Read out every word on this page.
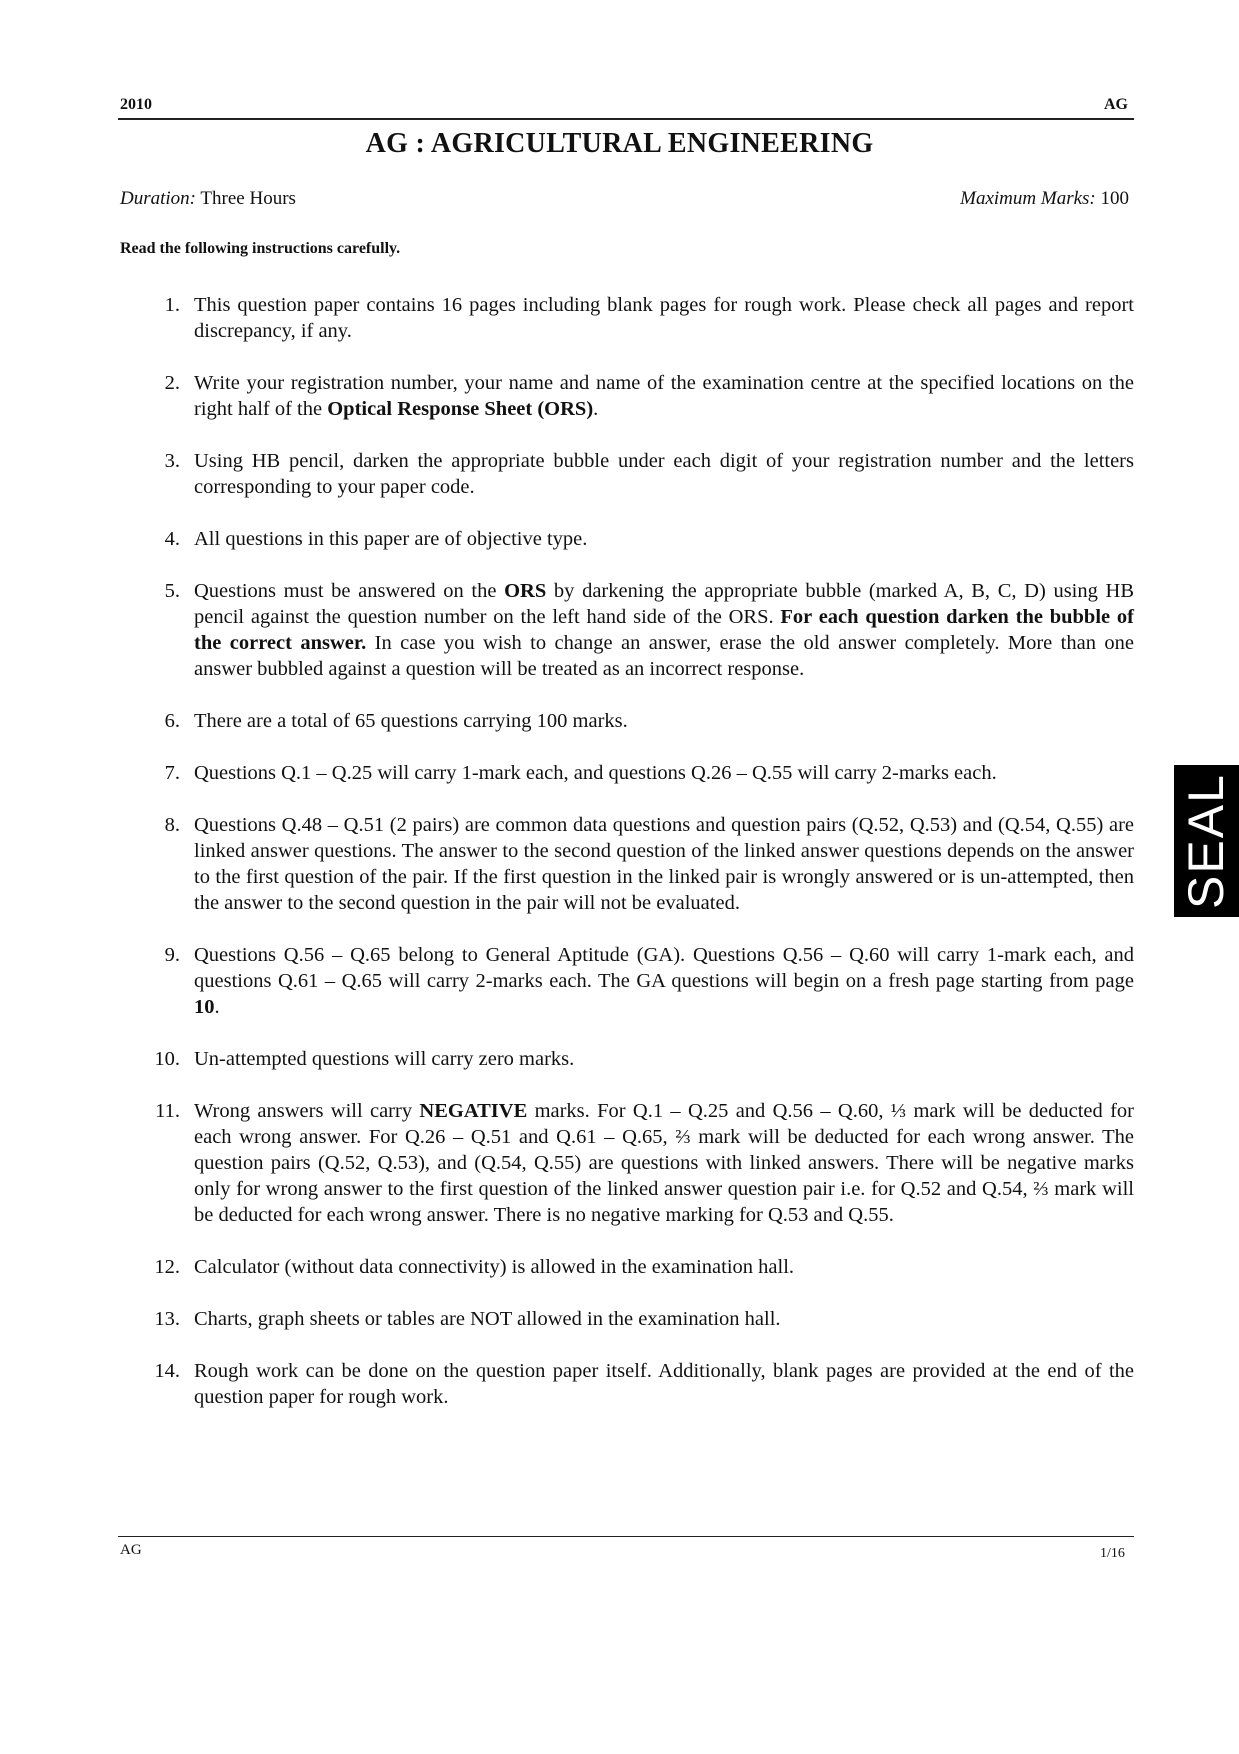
2010	AG
AG : AGRICULTURAL ENGINEERING
Duration: Three Hours	Maximum Marks: 100
Read the following instructions carefully.
1. This question paper contains 16 pages including blank pages for rough work. Please check all pages and report discrepancy, if any.
2. Write your registration number, your name and name of the examination centre at the specified locations on the right half of the Optical Response Sheet (ORS).
3. Using HB pencil, darken the appropriate bubble under each digit of your registration number and the letters corresponding to your paper code.
4. All questions in this paper are of objective type.
5. Questions must be answered on the ORS by darkening the appropriate bubble (marked A, B, C, D) using HB pencil against the question number on the left hand side of the ORS. For each question darken the bubble of the correct answer. In case you wish to change an answer, erase the old answer completely. More than one answer bubbled against a question will be treated as an incorrect response.
6. There are a total of 65 questions carrying 100 marks.
7. Questions Q.1 – Q.25 will carry 1-mark each, and questions Q.26 – Q.55 will carry 2-marks each.
8. Questions Q.48 – Q.51 (2 pairs) are common data questions and question pairs (Q.52, Q.53) and (Q.54, Q.55) are linked answer questions. The answer to the second question of the linked answer questions depends on the answer to the first question of the pair. If the first question in the linked pair is wrongly answered or is un-attempted, then the answer to the second question in the pair will not be evaluated.
9. Questions Q.56 – Q.65 belong to General Aptitude (GA). Questions Q.56 – Q.60 will carry 1-mark each, and questions Q.61 – Q.65 will carry 2-marks each. The GA questions will begin on a fresh page starting from page 10.
10. Un-attempted questions will carry zero marks.
11. Wrong answers will carry NEGATIVE marks. For Q.1 – Q.25 and Q.56 – Q.60, ⅓ mark will be deducted for each wrong answer. For Q.26 – Q.51 and Q.61 – Q.65, ⅔ mark will be deducted for each wrong answer. The question pairs (Q.52, Q.53), and (Q.54, Q.55) are questions with linked answers. There will be negative marks only for wrong answer to the first question of the linked answer question pair i.e. for Q.52 and Q.54, ⅔ mark will be deducted for each wrong answer. There is no negative marking for Q.53 and Q.55.
12. Calculator (without data connectivity) is allowed in the examination hall.
13. Charts, graph sheets or tables are NOT allowed in the examination hall.
14. Rough work can be done on the question paper itself. Additionally, blank pages are provided at the end of the question paper for rough work.
SEAL
AG	1/16
